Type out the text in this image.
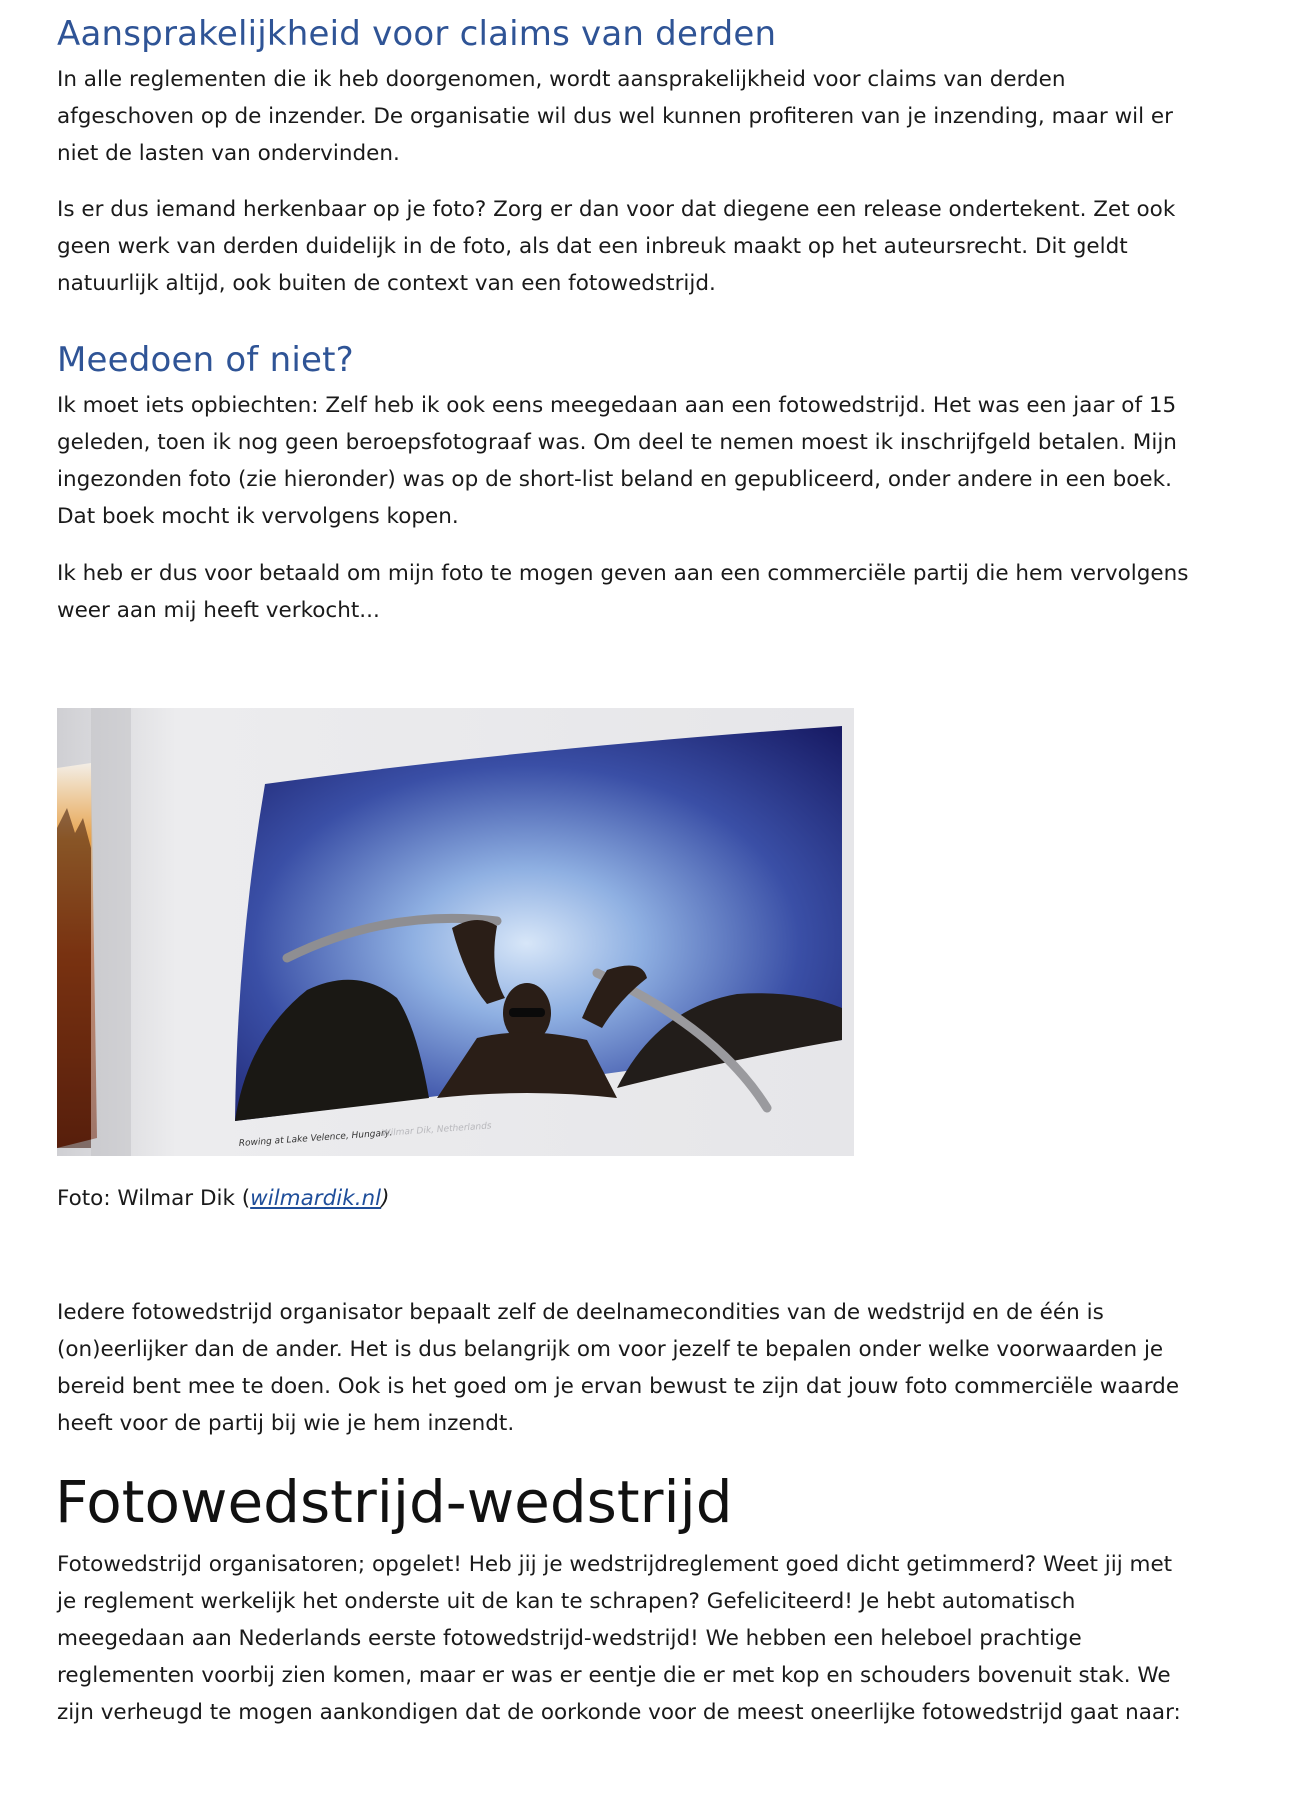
Aansprakelijkheid voor claims van derden
In alle reglementen die ik heb doorgenomen, wordt aansprakelijkheid voor claims van derden
afgeschoven op de inzender. De organisatie wil dus wel kunnen profiteren van je inzending, maar wil er
niet de lasten van ondervinden.
Is er dus iemand herkenbaar op je foto? Zorg er dan voor dat diegene een release ondertekent. Zet ook
geen werk van derden duidelijk in de foto, als dat een inbreuk maakt op het auteursrecht. Dit geldt
natuurlijk altijd, ook buiten de context van een fotowedstrijd.
Meedoen of niet?
Ik moet iets opbiechten: Zelf heb ik ook eens meegedaan aan een fotowedstrijd. Het was een jaar of 15
geleden, toen ik nog geen beroepsfotograaf was. Om deel te nemen moest ik inschrijfgeld betalen. Mijn
ingezonden foto (zie hieronder) was op de short-list beland en gepubliceerd, onder andere in een boek.
Dat boek mocht ik vervolgens kopen.
Ik heb er dus voor betaald om mijn foto te mogen geven aan een commerciële partij die hem vervolgens
weer aan mij heeft verkocht...
Rowing at Lake Velence, Hungary.
Wilmar Dik, Netherlands
Foto: Wilmar Dik (wilmardik.nl)
Iedere fotowedstrijd organisator bepaalt zelf de deelnamecondities van de wedstrijd en de één is
(on)eerlijker dan de ander. Het is dus belangrijk om voor jezelf te bepalen onder welke voorwaarden je
bereid bent mee te doen. Ook is het goed om je ervan bewust te zijn dat jouw foto commerciële waarde
heeft voor de partij bij wie je hem inzendt.
Fotowedstrijd-wedstrijd
Fotowedstrijd organisatoren; opgelet! Heb jij je wedstrijdreglement goed dicht getimmerd? Weet jij met
je reglement werkelijk het onderste uit de kan te schrapen? Gefeliciteerd! Je hebt automatisch
meegedaan aan Nederlands eerste fotowedstrijd-wedstrijd! We hebben een heleboel prachtige
reglementen voorbij zien komen, maar er was er eentje die er met kop en schouders bovenuit stak. We
zijn verheugd te mogen aankondigen dat de oorkonde voor de meest oneerlijke fotowedstrijd gaat naar:
